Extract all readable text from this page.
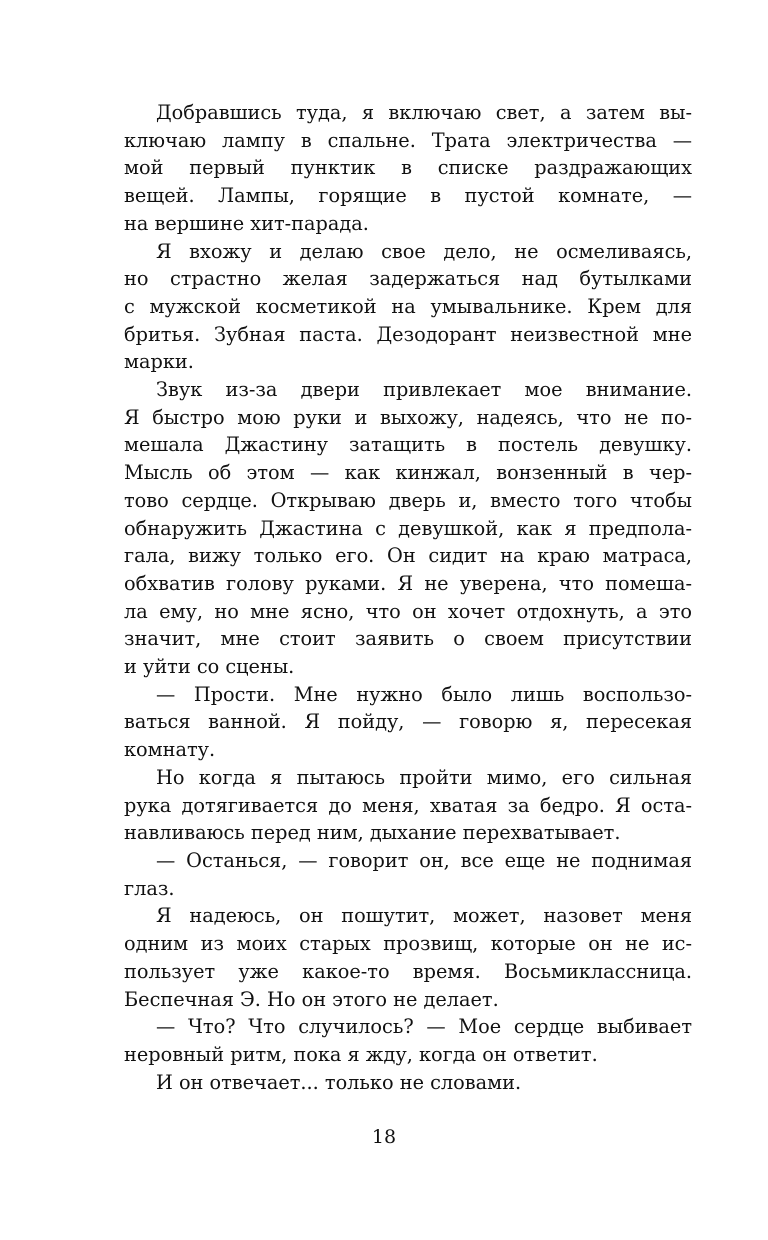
Добравшись туда, я включаю свет, а затем вы-
ключаю лампу в спальне. Трата электричества —
мой первый пунктик в списке раздражающих
вещей. Лампы, горящие в пустой комнате, —
на вершине хит-парада.

Я вхожу и делаю свое дело, не осмеливаясь,
но страстно желая задержаться над бутылками
с мужской косметикой на умывальнике. Крем для
бритья. Зубная паста. Дезодорант неизвестной мне
марки.

Звук из-за двери привлекает мое внимание.
Я быстро мою руки и выхожу, надеясь, что не по-
мешала Джастину затащить в постель девушку.
Мысль об этом — как кинжал, вонзенный в чер-
тово сердце. Открываю дверь и, вместо того чтобы
обнаружить Джастина с девушкой, как я предпола-
гала, вижу только его. Он сидит на краю матраса,
обхватив голову руками. Я не уверена, что помеша-
ла ему, но мне ясно, что он хочет отдохнуть, а это
значит, мне стоит заявить о своем присутствии
и уйти со сцены.

— Прости. Мне нужно было лишь воспользо-
ваться ванной. Я пойду, — говорю я, пересекая
комнату.

Но когда я пытаюсь пройти мимо, его сильная
рука дотягивается до меня, хватая за бедро. Я оста-
навливаюсь перед ним, дыхание перехватывает.

— Останься, — говорит он, все еще не поднимая
глаз.

Я надеюсь, он пошутит, может, назовет меня
одним из моих старых прозвищ, которые он не ис-
пользует уже какое-то время. Восьмиклассница.
Беспечная Э. Но он этого не делает.

— Что? Что случилось? — Мое сердце выбивает
неровный ритм, пока я жду, когда он ответит.

И он отвечает... только не словами.

18
